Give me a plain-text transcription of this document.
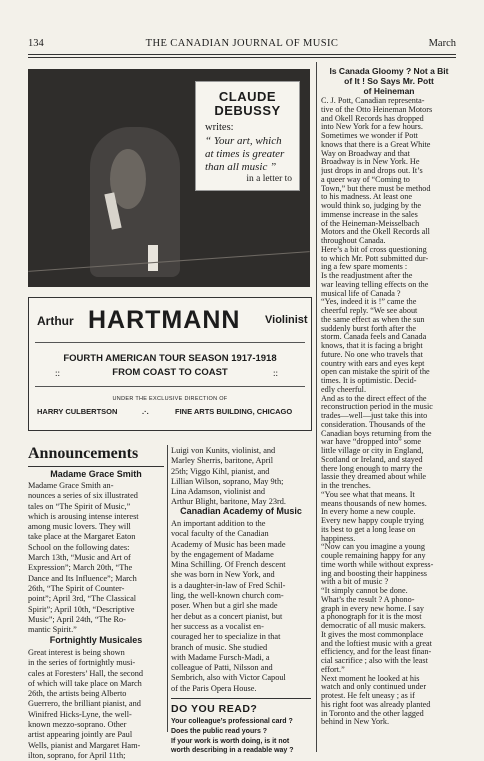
134	THE CANADIAN JOURNAL OF MUSIC	March
CLAUDE
DEBUSSY
writes:
“ Your art, which
at times is greater
than all music ”
in a letter to
Arthur HARTMANN Violinist
FOURTH AMERICAN TOUR SEASON 1917-1918
FROM COAST TO COAST
::	::
UNDER THE EXCLUSIVE DIRECTION OF
HARRY CULBERTSON	.·.	FINE ARTS BUILDING, CHICAGO
Announcements
Madame Grace Smith
Madame Grace Smith an-
nounces a series of six illustrated
tales on “The Spirit of Music,”
which is arousing intense interest
among music lovers. They will
take place at the Margaret Eaton
School on the following dates:
March 13th, “Music and Art of
Expression”; March 20th, “The
Dance and Its Influence”; March
26th, “The Spirit of Counter-
point”; April 3rd, “The Classical
Spirit”; April 10th, “Descriptive
Music”; April 24th, “The Ro-
mantic Spirit.”
Fortnightly Musicales
Great interest is being shown
in the series of fortnightly musi-
cales at Foresters’ Hall, the second
of which will take place on March
26th, the artists being Alberto
Guerrero, the brilliant pianist, and
Winifred Hicks-Lyne, the well-
known mezzo-soprano. Other
artist appearing jointly are Paul
Wells, pianist and Margaret Ham-
ilton, soprano, for April 11th;
Luigi von Kunits, violinist, and
Marley Sherris, baritone, April
25th; Viggo Kihl, pianist, and
Lillian Wilson, soprano, May 9th;
Lina Adamson, violinist and
Arthur Blight, baritone, May 23rd.
Canadian Academy of Music
An important addition to the
vocal faculty of the Canadian
Academy of Music has been made
by the engagement of Madame
Mina Schilling. Of French descent
she was born in New York, and
is a daughter-in-law of Fred Schil-
ling, the well-known church com-
poser. When but a girl she made
her debut as a concert pianist, but
her success as a vocalist en-
couraged her to specialize in that
branch of music. She studied
with Madame Fursch-Madi, a
colleague of Patti, Nilsson and
Sembrich, also with Victor Capoul
of the Paris Opera House.
DO YOU READ?
Your colleague’s professional card ?
Does the public read yours ?
If your work is worth doing, is it not
worth describing in a readable way ?
Is Canada Gloomy ? Not a Bit
of It ! So Says Mr. Pott
of Heineman
C. J. Pott, Canadian representa-
tive of the Otto Heineman Motors
and Okell Records has dropped
into New York for a few hours.
Sometimes we wonder if Pott
knows that there is a Great White
Way on Broadway and that
Broadway is in New York. He
just drops in and drops out. It’s
a queer way of “Coming to
Town,” but there must be method
to his madness. At least one
would think so, judging by the
immense increase in the sales
of the Heineman-Meisselbach
Motors and the Okell Records all
throughout Canada.
Here’s a bit of cross questioning
to which Mr. Pott submitted dur-
ing a few spare moments :
Is the readjustment after the
war leaving telling effects on the
musical life of Canada ?
“Yes, indeed it is !” came the
cheerful reply. “We see about
the same effect as when the sun
suddenly burst forth after the
storm. Canada feels and Canada
knows, that it is facing a bright
future. No one who travels that
country with ears and eyes kept
open can mistake the spirit of the
times. It is optimistic. Decid-
edly cheerful.
And as to the direct effect of the
reconstruction period in the music
trades—well—just take this into
consideration. Thousands of the
Canadian boys returning from the
war have “dropped into” some
little village or city in England,
Scotland or Ireland, and stayed
there long enough to marry the
lassie they dreamed about while
in the trenches.
“You see what that means. It
means thousands of new homes.
In every home a new couple.
Every new happy couple trying
its best to get a long lease on
happiness.
“Now can you imagine a young
couple remaining happy for any
time worth while without express-
ing and boosting their happiness
with a bit of music ?
“It simply cannot be done.
What’s the result ? A phono-
graph in every new home. I say
a phonograph for it is the most
democratic of all music makers.
It gives the most commonplace
and the loftiest music with a great
efficiency, and for the least finan-
cial sacrifice ; also with the least
effort.”
Next moment he looked at his
watch and only continued under
protest. He felt uneasy ; as if
his right foot was already planted
in Toronto and the other lagged
behind in New York.
